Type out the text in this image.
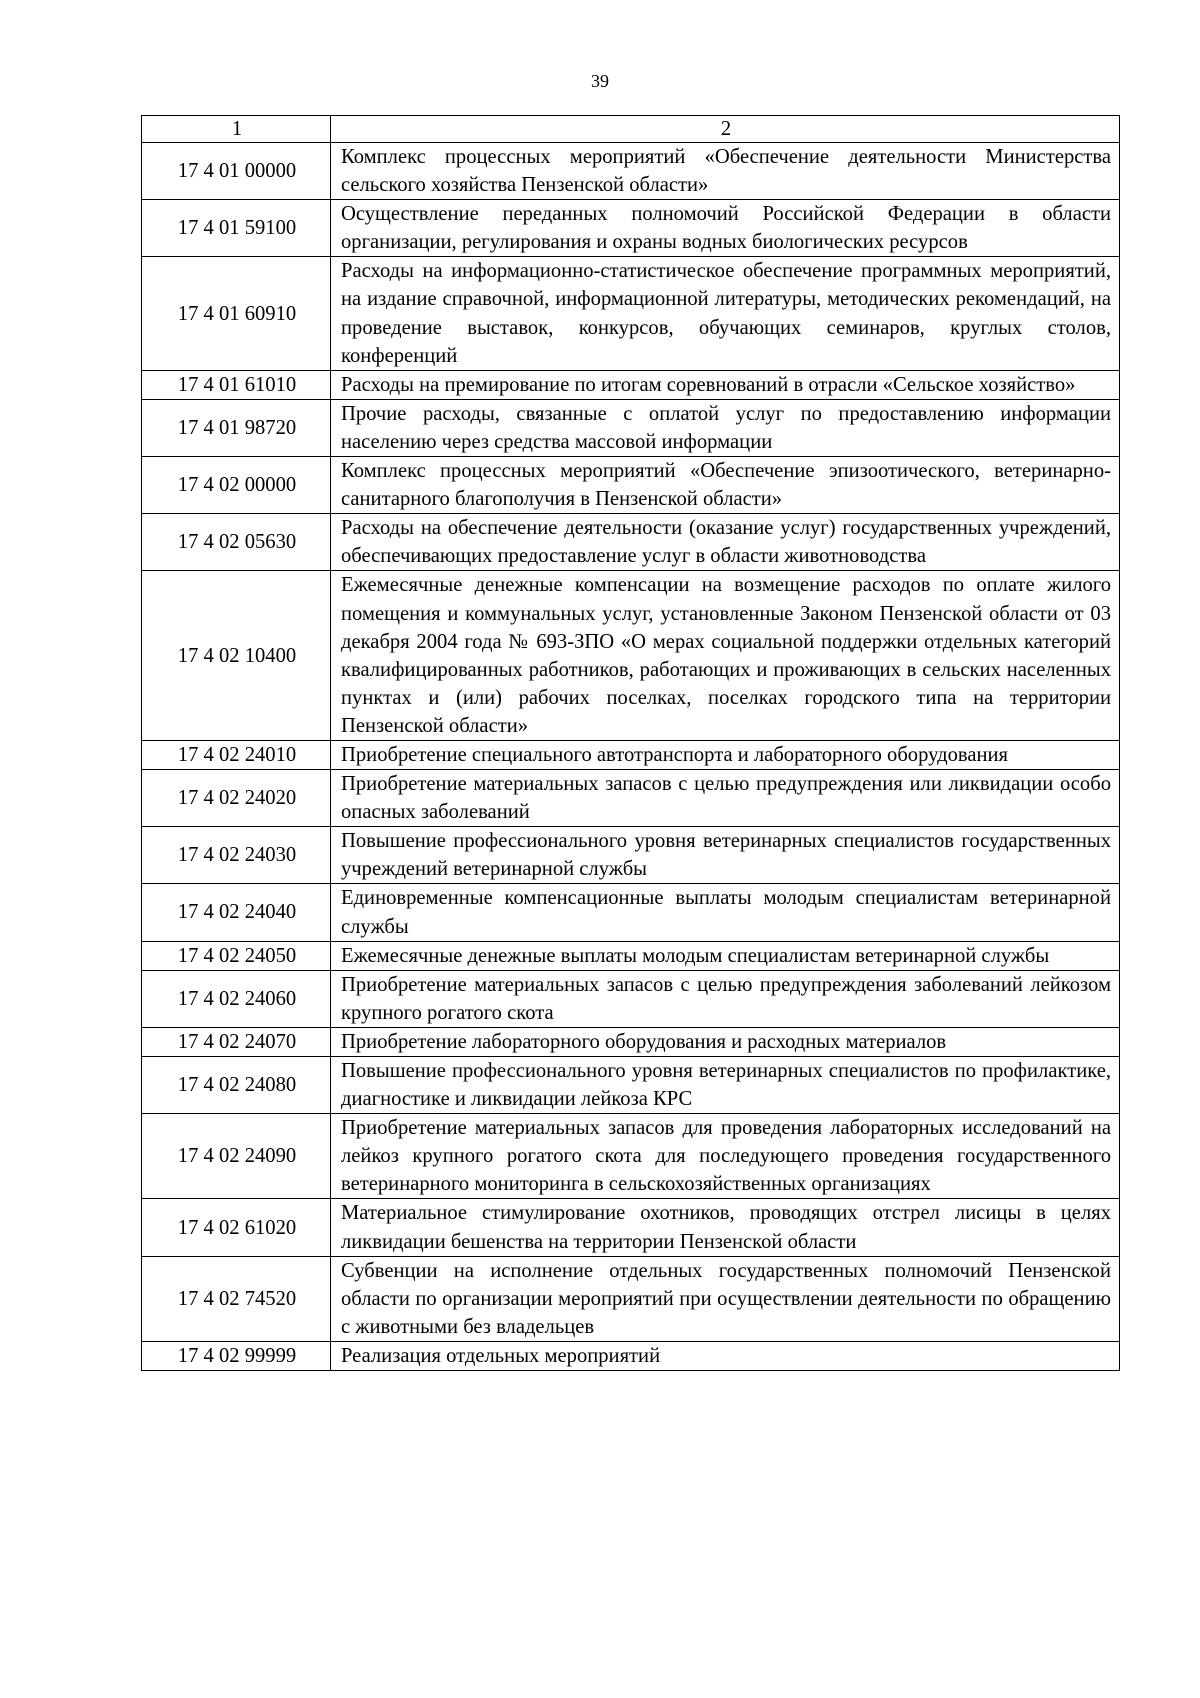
39
1	2
17 4 01 00000	Комплекс процессных мероприятий «Обеспечение деятельности Министерства сельского хозяйства Пензенской области»
17 4 01 59100	Осуществление переданных полномочий Российской Федерации в области организации, регулирования и охраны водных биологических ресурсов
17 4 01 60910	Расходы на информационно-статистическое обеспечение программных мероприятий, на издание справочной, информационной литературы, методических рекомендаций, на проведение выставок, конкурсов, обучающих семинаров, круглых столов, конференций
17 4 01 61010	Расходы на премирование по итогам соревнований в отрасли «Сельское хозяйство»
17 4 01 98720	Прочие расходы, связанные с оплатой услуг по предоставлению информации населению через средства массовой информации
17 4 02 00000	Комплекс процессных мероприятий «Обеспечение эпизоотического, ветеринарно-санитарного благополучия в Пензенской области»
17 4 02 05630	Расходы на обеспечение деятельности (оказание услуг) государственных учреждений, обеспечивающих предоставление услуг в области животноводства
17 4 02 10400	Ежемесячные денежные компенсации на возмещение расходов по оплате жилого помещения и коммунальных услуг, установленные Законом Пензенской области от 03 декабря 2004 года № 693-ЗПО «О мерах социальной поддержки отдельных категорий квалифицированных работников, работающих и проживающих в сельских населенных пунктах и (или) рабочих поселках, поселках городского типа на территории Пензенской области»
17 4 02 24010	Приобретение специального автотранспорта и лабораторного оборудования
17 4 02 24020	Приобретение материальных запасов с целью предупреждения или ликвидации особо опасных заболеваний
17 4 02 24030	Повышение профессионального уровня ветеринарных специалистов государственных учреждений ветеринарной службы
17 4 02 24040	Единовременные компенсационные выплаты молодым специалистам ветеринарной службы
17 4 02 24050	Ежемесячные денежные выплаты молодым специалистам ветеринарной службы
17 4 02 24060	Приобретение материальных запасов с целью предупреждения заболеваний лейкозом крупного рогатого скота
17 4 02 24070	Приобретение лабораторного оборудования и расходных материалов
17 4 02 24080	Повышение профессионального уровня ветеринарных специалистов по профилактике, диагностике и ликвидации лейкоза КРС
17 4 02 24090	Приобретение материальных запасов для проведения лабораторных исследований на лейкоз крупного рогатого скота для последующего проведения государственного ветеринарного мониторинга в сельскохозяйственных организациях
17 4 02 61020	Материальное стимулирование охотников, проводящих отстрел лисицы в целях ликвидации бешенства на территории Пензенской области
17 4 02 74520	Субвенции на исполнение отдельных государственных полномочий Пензенской области по организации мероприятий при осуществлении деятельности по обращению с животными без владельцев
17 4 02 99999	Реализация отдельных мероприятий
